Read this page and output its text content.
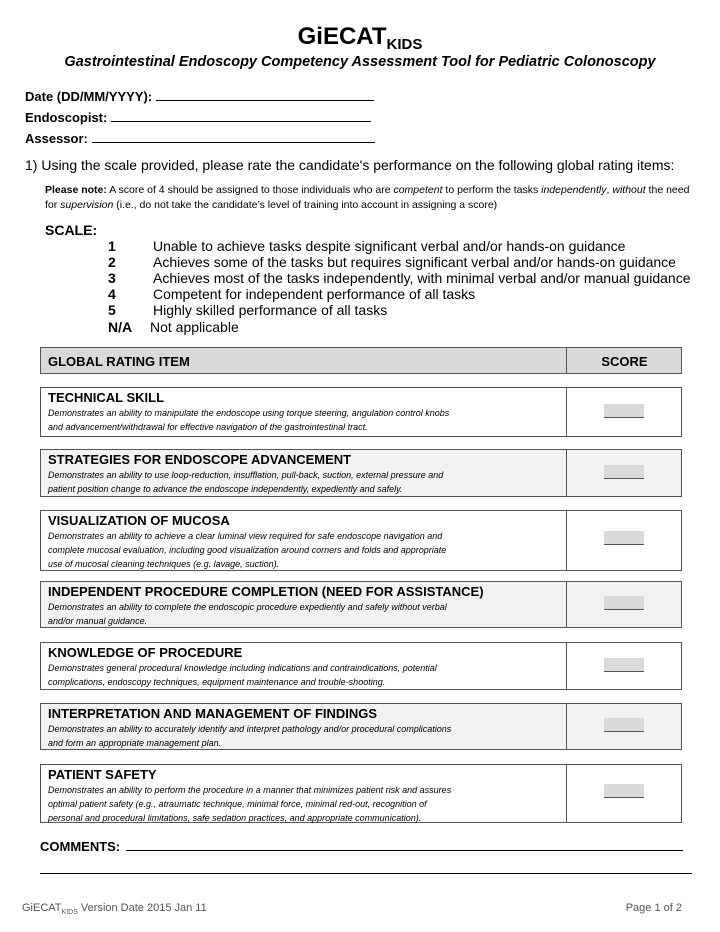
GiECAT$_{KIDS}$
Gastrointestinal Endoscopy Competency Assessment Tool for Pediatric Colonoscopy
Date (DD/MM/YYYY):
Endoscopist:
Assessor:
1) Using the scale provided, please rate the candidate's performance on the following global rating items:
Please note: A score of 4 should be assigned to those individuals who are competent to perform the tasks independently, without the need for supervision (i.e., do not take the candidate’s level of training into account in assigning a score)
SCALE:
1	Unable to achieve tasks despite significant verbal and/or hands-on guidance
2	Achieves some of the tasks but requires significant verbal and/or hands-on guidance
3	Achieves most of the tasks independently, with minimal verbal and/or manual guidance
4	Competent for independent performance of all tasks
5	Highly skilled performance of all tasks
N/A Not applicable
GLOBAL RATING ITEM	SCORE
TECHNICAL SKILL
Demonstrates an ability to manipulate the endoscope using torque steering, angulation control knobs
and advancement/withdrawal for effective navigation of the gastrointestinal tract.
STRATEGIES FOR ENDOSCOPE ADVANCEMENT
Demonstrates an ability to use loop-reduction, insufflation, pull-back, suction, external pressure and
patient position change to advance the endoscope independently, expediently and safely.
VISUALIZATION OF MUCOSA
Demonstrates an ability to achieve a clear luminal view required for safe endoscope navigation and
complete mucosal evaluation, including good visualization around corners and folds and appropriate
use of mucosal cleaning techniques (e.g. lavage, suction).
INDEPENDENT PROCEDURE COMPLETION (NEED FOR ASSISTANCE)
Demonstrates an ability to complete the endoscopic procedure expediently and safely without verbal
and/or manual guidance.
KNOWLEDGE OF PROCEDURE
Demonstrates general procedural knowledge including indications and contraindications, potential
complications, endoscopy techniques, equipment maintenance and trouble-shooting.
INTERPRETATION AND MANAGEMENT OF FINDINGS
Demonstrates an ability to accurately identify and interpret pathology and/or procedural complications
and form an appropriate management plan.
PATIENT SAFETY
Demonstrates an ability to perform the procedure in a manner that minimizes patient risk and assures
optimal patient safety (e.g., atraumatic technique, minimal force, minimal red-out, recognition of
personal and procedural limitations, safe sedation practices, and appropriate communication).
COMMENTS:
GiECAT$_{KIDS}$ Version Date 2015 Jan 11	Page 1 of 2
